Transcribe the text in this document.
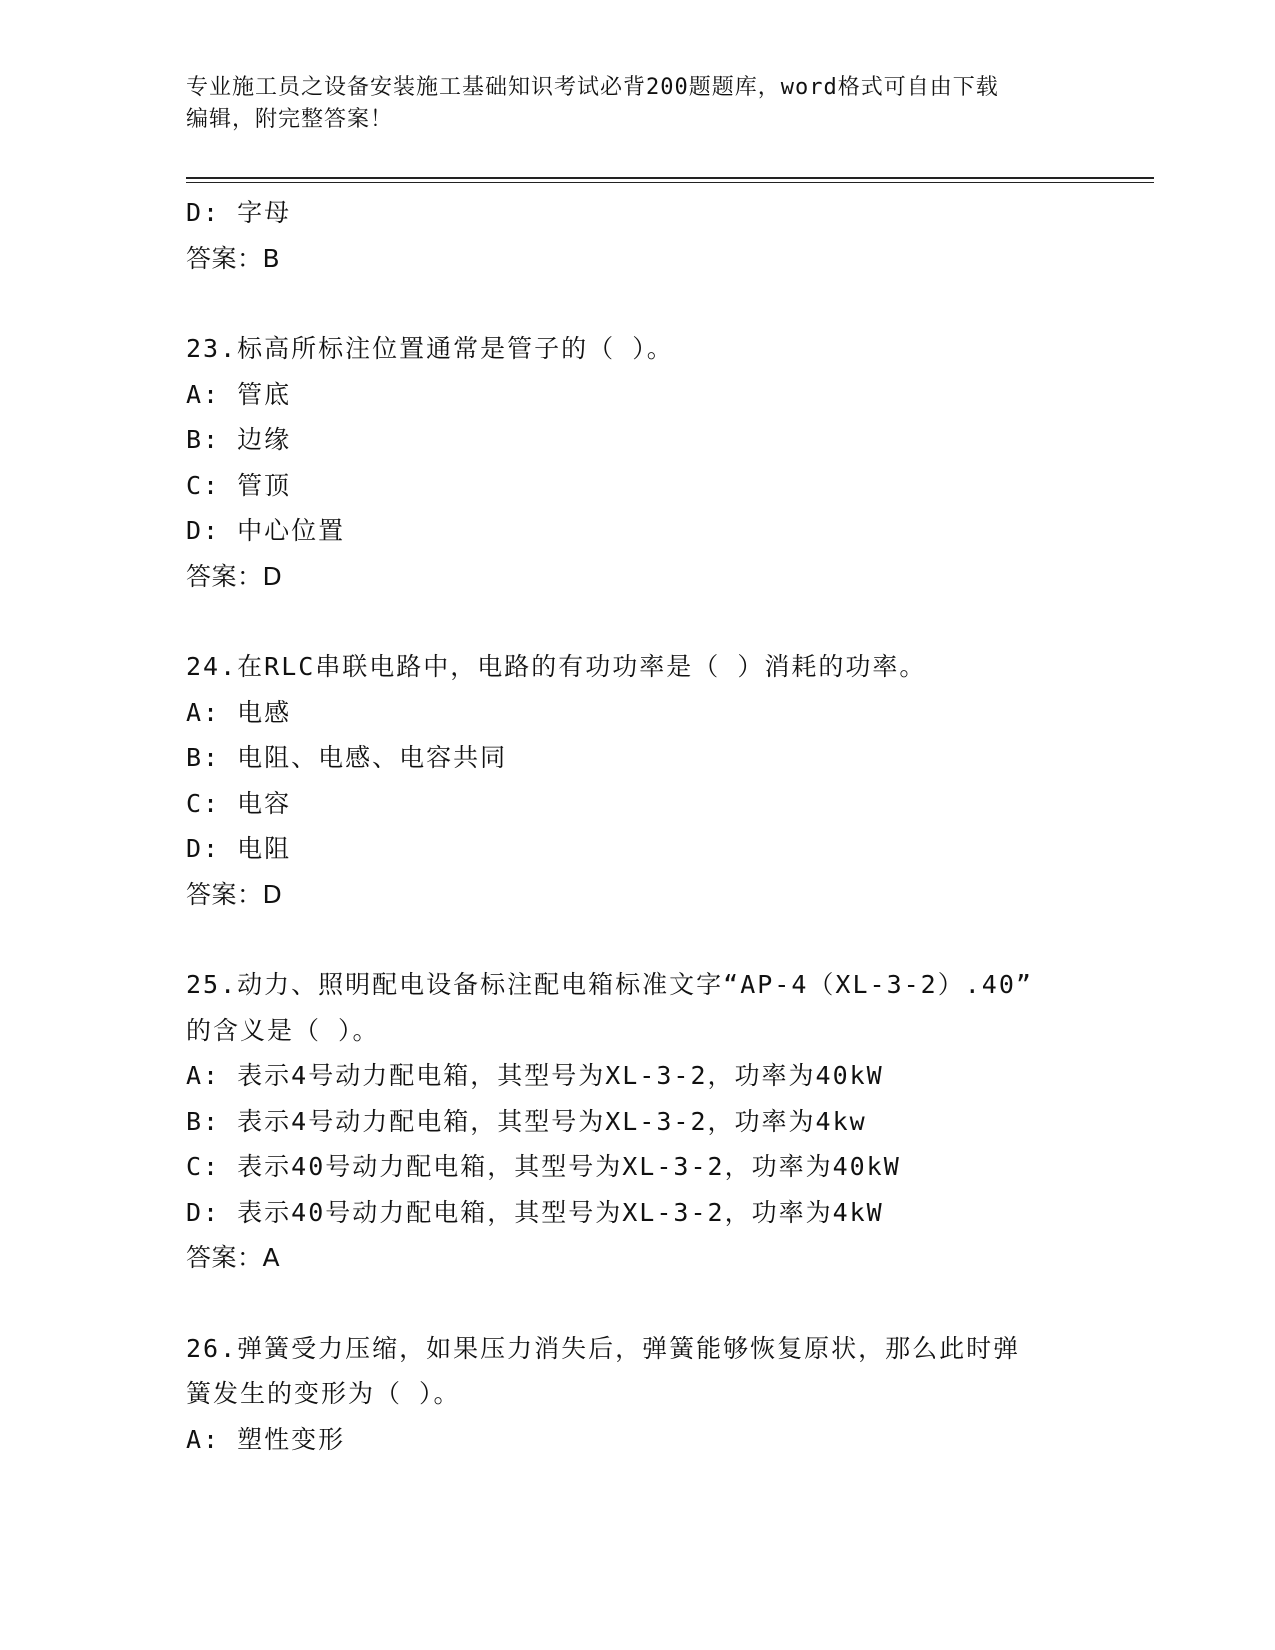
专业施工员之设备安装施工基础知识考试必背200题题库，word格式可自由下载
编辑，附完整答案！
D: 字母
答案：B
23.标高所标注位置通常是管子的（ ）。
A: 管底
B: 边缘
C: 管顶
D: 中心位置
答案：D
24.在RLC串联电路中，电路的有功功率是（ ）消耗的功率。
A: 电感
B: 电阻、电感、电容共同
C: 电容
D: 电阻
答案：D
25.动力、照明配电设备标注配电箱标准文字“AP-4（XL-3-2）.40”
的含义是（ ）。
A: 表示4号动力配电箱，其型号为XL-3-2，功率为40kW
B: 表示4号动力配电箱，其型号为XL-3-2，功率为4kw
C: 表示40号动力配电箱，其型号为XL-3-2，功率为40kW
D: 表示40号动力配电箱，其型号为XL-3-2，功率为4kW
答案：A
26.弹簧受力压缩，如果压力消失后，弹簧能够恢复原状，那么此时弹
簧发生的变形为（ ）。
A: 塑性变形
